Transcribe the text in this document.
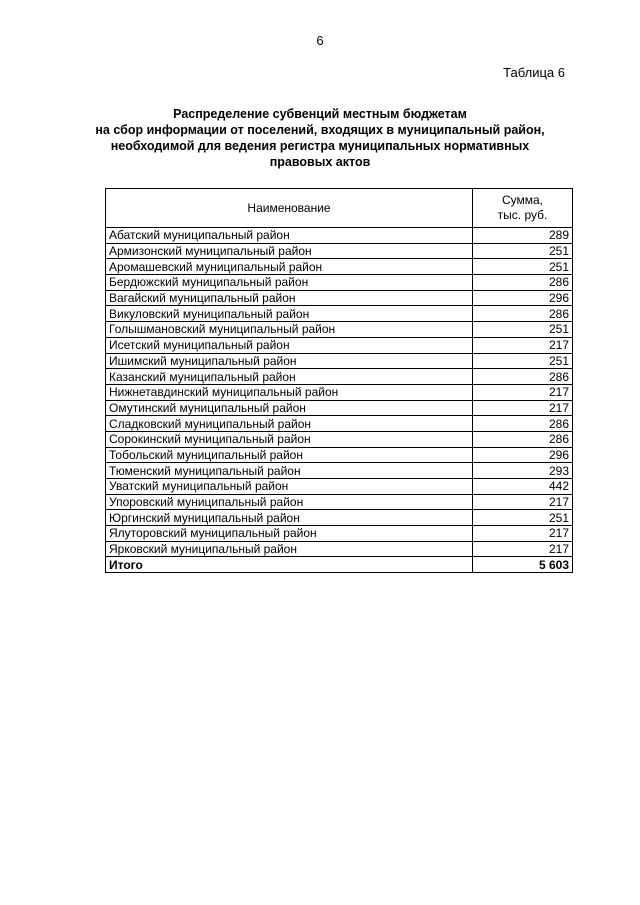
6
Таблица 6
Распределение субвенций местным бюджетам
на сбор информации от поселений, входящих в муниципальный район,
необходимой для ведения регистра муниципальных нормативных
правовых актов
Наименование	Сумма,
тыс. руб.
Абатский муниципальный район	289
Армизонский муниципальный район	251
Аромашевский муниципальный район	251
Бердюжский муниципальный район	286
Вагайский муниципальный район	296
Викуловский муниципальный район	286
Голышмановский муниципальный район	251
Исетский муниципальный район	217
Ишимский муниципальный район	251
Казанский муниципальный район	286
Нижнетавдинский муниципальный район	217
Омутинский муниципальный район	217
Сладковский муниципальный район	286
Сорокинский муниципальный район	286
Тобольский муниципальный район	296
Тюменский муниципальный район	293
Уватский муниципальный район	442
Упоровский муниципальный район	217
Юргинский муниципальный район	251
Ялуторовский муниципальный район	217
Ярковский муниципальный район	217
Итого	5 603
